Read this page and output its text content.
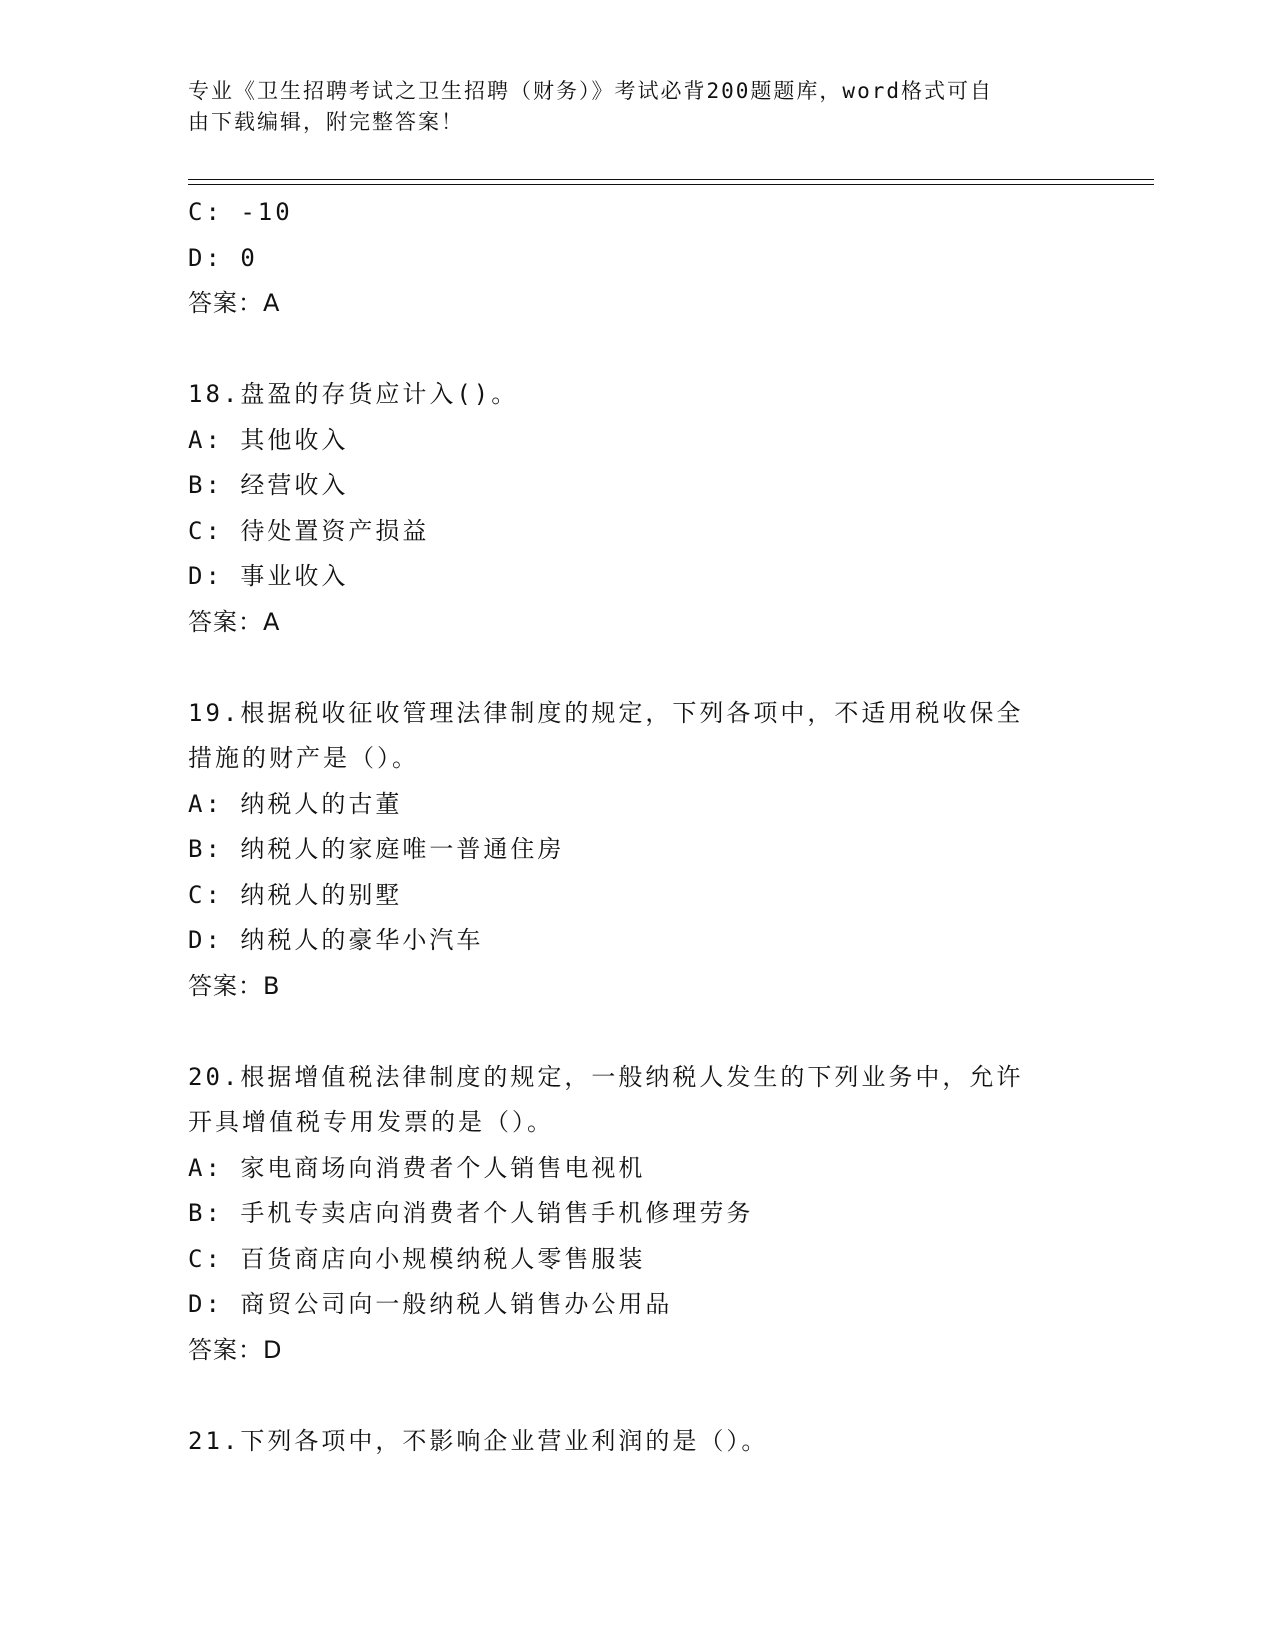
专业《卫生招聘考试之卫生招聘（财务）》考试必背200题题库，word格式可自
由下载编辑，附完整答案！
C: -10
D: 0
答案：A
18.盘盈的存货应计入()。
A: 其他收入
B: 经营收入
C: 待处置资产损益
D: 事业收入
答案：A
19.根据税收征收管理法律制度的规定，下列各项中，不适用税收保全
措施的财产是（）。
A: 纳税人的古董
B: 纳税人的家庭唯一普通住房
C: 纳税人的别墅
D: 纳税人的豪华小汽车
答案：B
20.根据增值税法律制度的规定，一般纳税人发生的下列业务中，允许
开具增值税专用发票的是（）。
A: 家电商场向消费者个人销售电视机
B: 手机专卖店向消费者个人销售手机修理劳务
C: 百货商店向小规模纳税人零售服装
D: 商贸公司向一般纳税人销售办公用品
答案：D
21.下列各项中，不影响企业营业利润的是（）。
